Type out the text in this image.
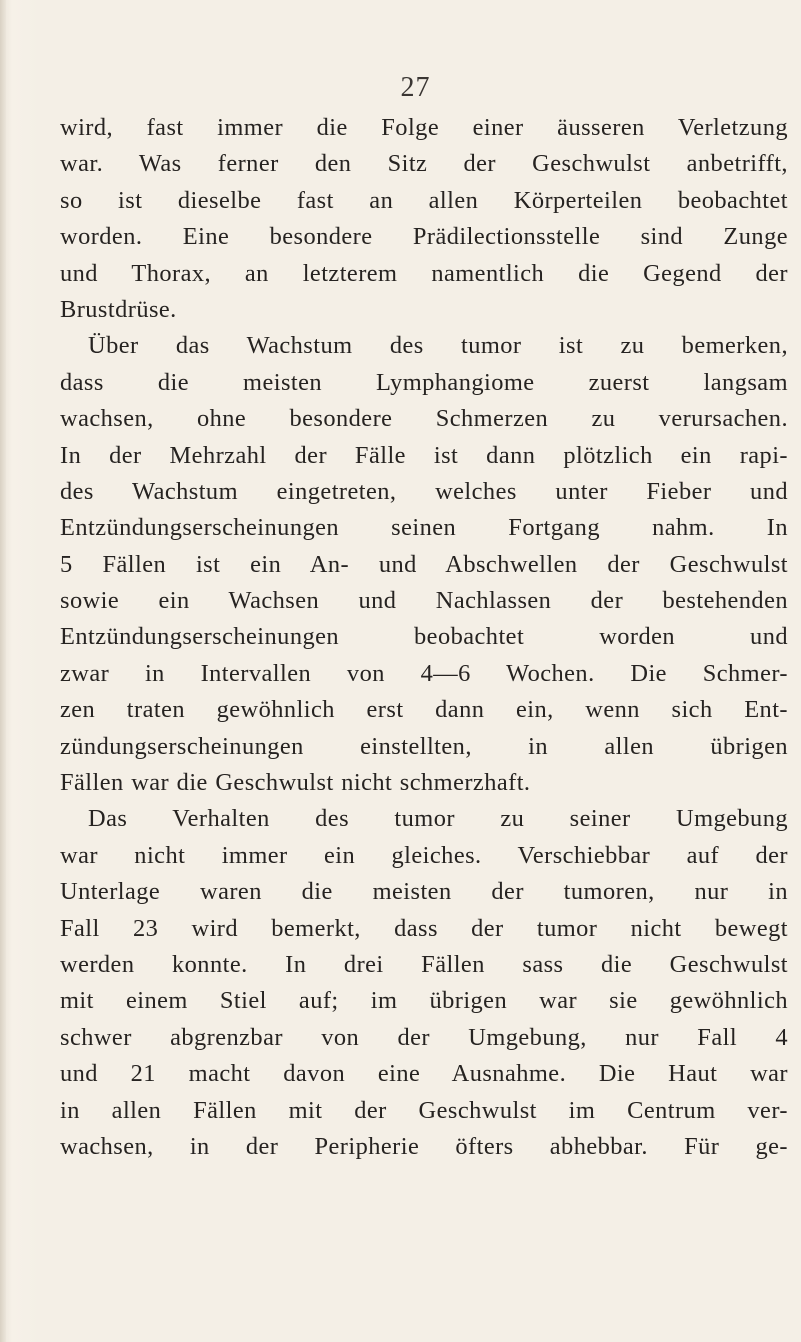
27
wird, fast immer die Folge einer äusseren Verletzung
war. Was ferner den Sitz der Geschwulst anbetrifft,
so ist dieselbe fast an allen Körperteilen beobachtet
worden. Eine besondere Prädilectionsstelle sind Zunge
und Thorax, an letzterem namentlich die Gegend der
Brustdrüse.
Über das Wachstum des tumor ist zu bemerken,
dass die meisten Lymphangiome zuerst langsam
wachsen, ohne besondere Schmerzen zu verursachen.
In der Mehrzahl der Fälle ist dann plötzlich ein rapi-
des Wachstum eingetreten, welches unter Fieber und
Entzündungserscheinungen seinen Fortgang nahm. In
5 Fällen ist ein An- und Abschwellen der Geschwulst
sowie ein Wachsen und Nachlassen der bestehenden
Entzündungserscheinungen beobachtet worden und
zwar in Intervallen von 4—6 Wochen. Die Schmer-
zen traten gewöhnlich erst dann ein, wenn sich Ent-
zündungserscheinungen einstellten, in allen übrigen
Fällen war die Geschwulst nicht schmerzhaft.
Das Verhalten des tumor zu seiner Umgebung
war nicht immer ein gleiches. Verschiebbar auf der
Unterlage waren die meisten der tumoren, nur in
Fall 23 wird bemerkt, dass der tumor nicht bewegt
werden konnte. In drei Fällen sass die Geschwulst
mit einem Stiel auf; im übrigen war sie gewöhnlich
schwer abgrenzbar von der Umgebung, nur Fall 4
und 21 macht davon eine Ausnahme. Die Haut war
in allen Fällen mit der Geschwulst im Centrum ver-
wachsen, in der Peripherie öfters abhebbar. Für ge-
